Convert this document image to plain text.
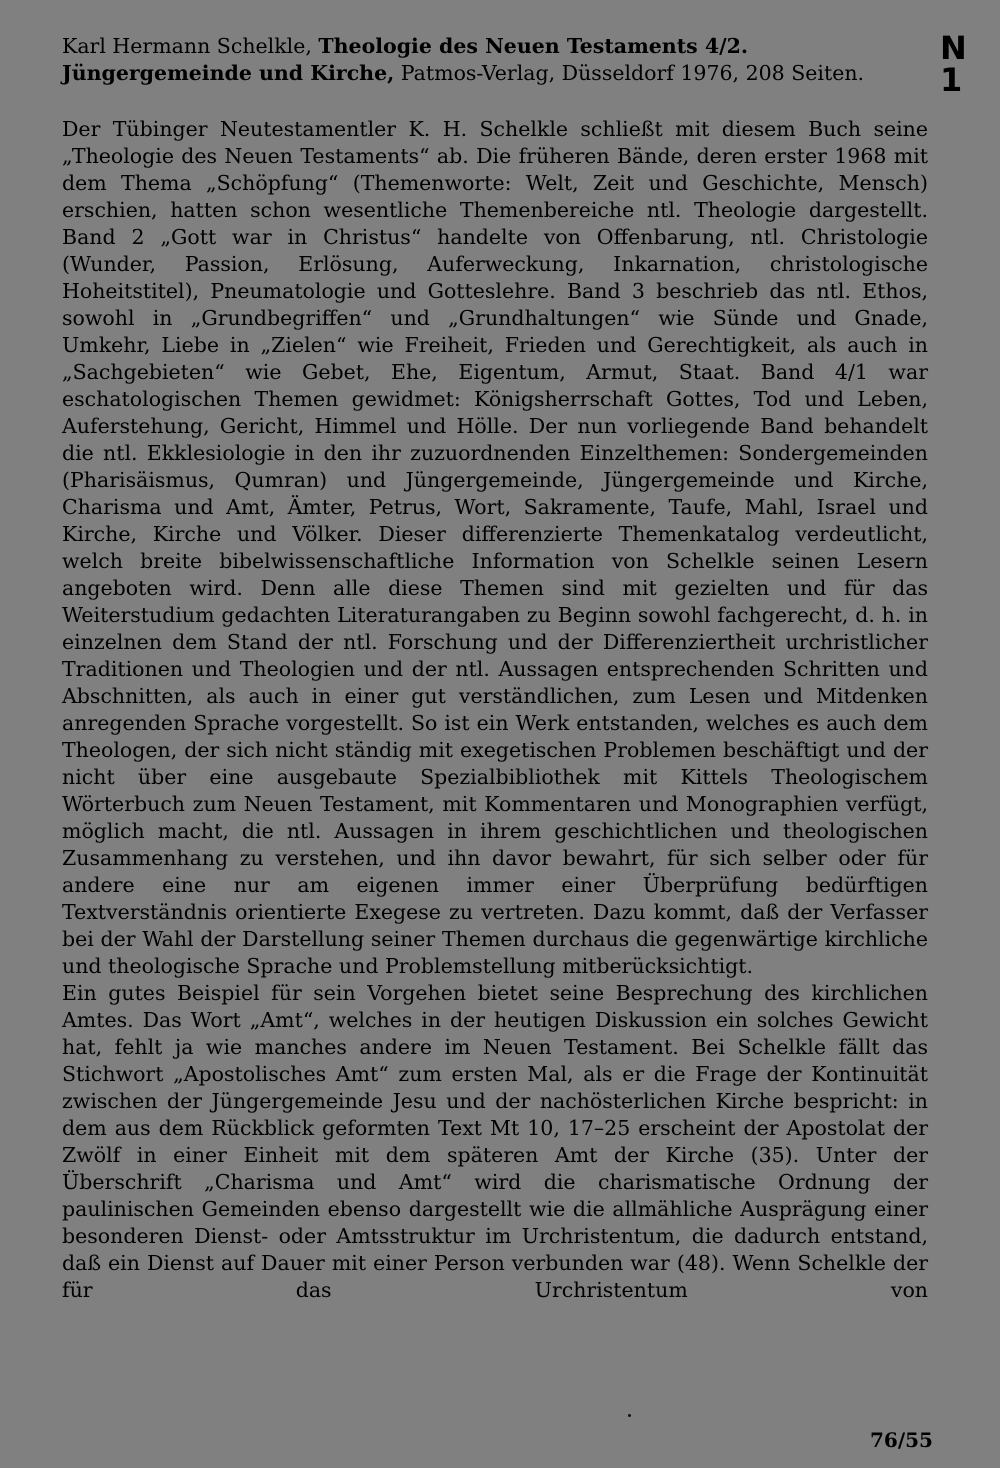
N 1
Karl Hermann Schelkle, Theologie des Neuen Testaments 4/2. Jüngergemeinde und Kirche, Patmos-Verlag, Düsseldorf 1976, 208 Seiten.

Der Tübinger Neutestamentler K. H. Schelkle schließt mit diesem Buch seine „Theologie des Neuen Testaments“ ab. Die früheren Bände, deren erster 1968 mit dem Thema „Schöpfung“ (Themenworte: Welt, Zeit und Geschichte, Mensch) erschien, hatten schon wesentliche Themenbereiche ntl. Theologie dargestellt. Band 2 „Gott war in Christus“ handelte von Offenbarung, ntl. Christologie (Wunder, Passion, Erlösung, Auferweckung, Inkarnation, christologische Hoheitstitel), Pneumatologie und Gotteslehre. Band 3 beschrieb das ntl. Ethos, sowohl in „Grundbegriffen“ und „Grundhaltungen“ wie Sünde und Gnade, Umkehr, Liebe in „Zielen“ wie Freiheit, Frieden und Gerechtigkeit, als auch in „Sachgebieten“ wie Gebet, Ehe, Eigentum, Armut, Staat. Band 4/1 war eschatologischen Themen gewidmet: Königsherrschaft Gottes, Tod und Leben, Auferstehung, Gericht, Himmel und Hölle. Der nun vorliegende Band behandelt die ntl. Ekklesiologie in den ihr zuzuordnenden Einzelthemen: Sondergemeinden (Pharisäismus, Qumran) und Jüngergemeinde, Jüngergemeinde und Kirche, Charisma und Amt, Ämter, Petrus, Wort, Sakramente, Taufe, Mahl, Israel und Kirche, Kirche und Völker. Dieser differenzierte Themenkatalog verdeutlicht, welch breite bibelwissenschaftliche Information von Schelkle seinen Lesern angeboten wird. Denn alle diese Themen sind mit gezielten und für das Weiterstudium gedachten Literaturangaben zu Beginn sowohl fachgerecht, d. h. in einzelnen dem Stand der ntl. Forschung und der Differenziertheit urchristlicher Traditionen und Theologien und der ntl. Aussagen entsprechenden Schritten und Abschnitten, als auch in einer gut verständlichen, zum Lesen und Mitdenken anregenden Sprache vorgestellt. So ist ein Werk entstanden, welches es auch dem Theologen, der sich nicht ständig mit exegetischen Problemen beschäftigt und der nicht über eine ausgebaute Spezialbibliothek mit Kittels Theologischem Wörterbuch zum Neuen Testament, mit Kommentaren und Monographien verfügt, möglich macht, die ntl. Aussagen in ihrem geschichtlichen und theologischen Zusammenhang zu verstehen, und ihn davor bewahrt, für sich selber oder für andere eine nur am eigenen immer einer Überprüfung bedürftigen Textverständnis orientierte Exegese zu vertreten. Dazu kommt, daß der Verfasser bei der Wahl der Darstellung seiner Themen durchaus die gegenwärtige kirchliche und theologische Sprache und Problemstellung mitberücksichtigt.

Ein gutes Beispiel für sein Vorgehen bietet seine Besprechung des kirchlichen Amtes. Das Wort „Amt“, welches in der heutigen Diskussion ein solches Gewicht hat, fehlt ja wie manches andere im Neuen Testament. Bei Schelkle fällt das Stichwort „Apostolisches Amt“ zum ersten Mal, als er die Frage der Kontinuität zwischen der Jüngergemeinde Jesu und der nachösterlichen Kirche bespricht: in dem aus dem Rückblick geformten Text Mt 10, 17–25 erscheint der Apostolat der Zwölf in einer Einheit mit dem späteren Amt der Kirche (35). Unter der Überschrift „Charisma und Amt“ wird die charismatische Ordnung der paulinischen Gemeinden ebenso dargestellt wie die allmähliche Ausprägung einer besonderen Dienst- oder Amtsstruktur im Urchristentum, die dadurch entstand, daß ein Dienst auf Dauer mit einer Person verbunden war (48). Wenn Schelkle der für das Urchristentum von

76/55
